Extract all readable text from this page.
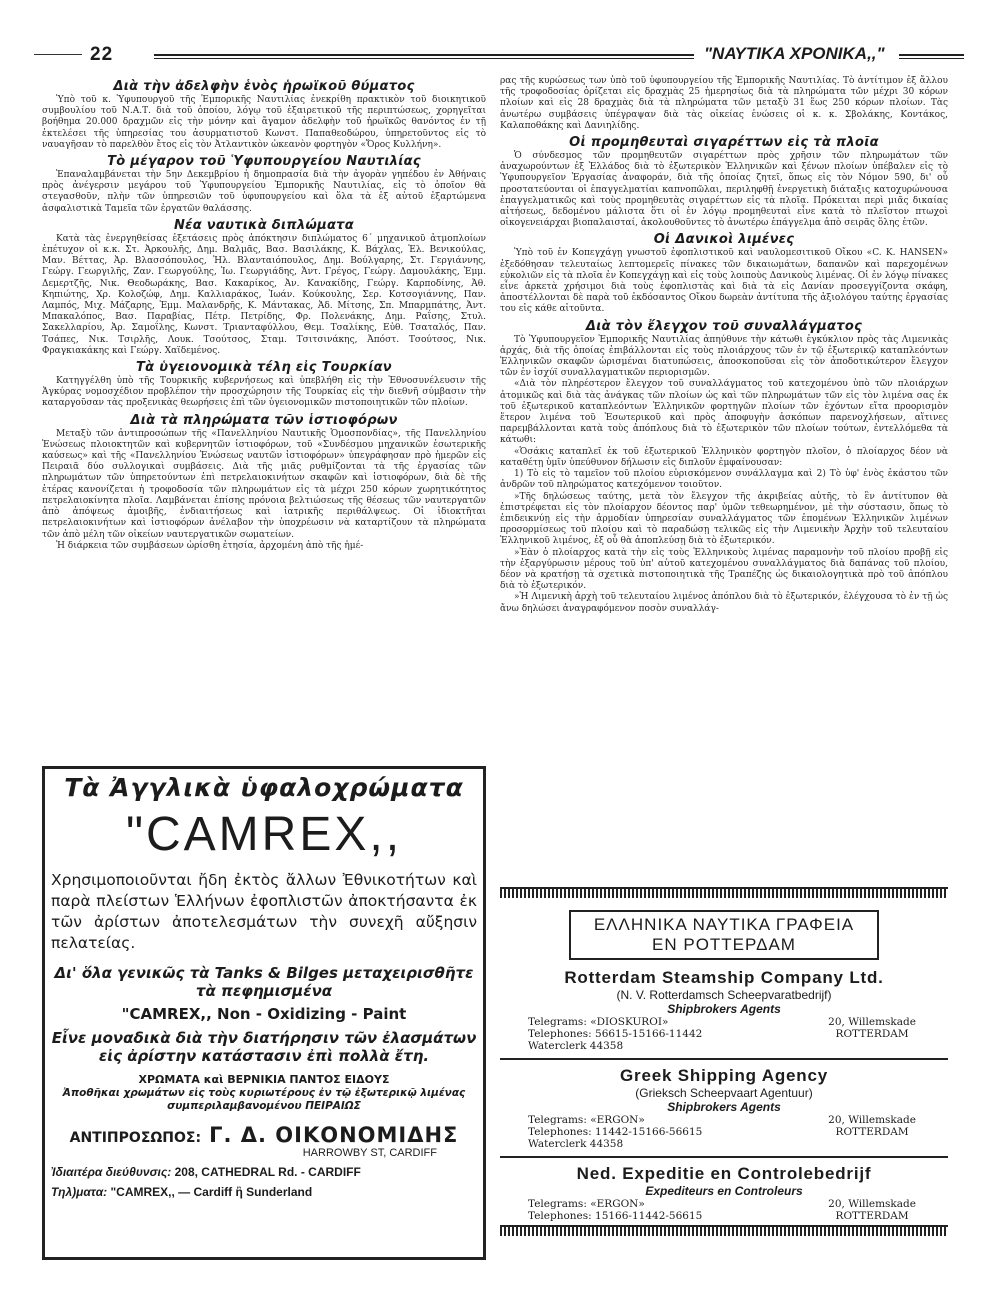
22	"ΝΑΥΤΙΚΑ ΧΡΟΝΙΚΑ,,"
Διὰ τὴν ἀδελφὴν ἑνὸς ἡρωϊκοῦ θύματος

Ὑπὸ τοῦ κ. Ὑφυπουργοῦ τῆς Ἐμπορικῆς Ναυτιλίας ἐνεκρίθη πρακτικὸν τοῦ διοικητικοῦ συμβουλίου τοῦ Ν.Α.Τ. διὰ τοῦ ὁποίου, λόγῳ τοῦ ἐξαιρετικοῦ τῆς περιπτώσεως, χορηγεῖται βοήθημα 20.000 δραχμῶν εἰς τὴν μόνην καὶ ἄγαμον ἀδελφὴν τοῦ ἡρωϊκῶς θανόντος ἐν τῇ ἐκτελέσει τῆς ὑπηρεσίας του ἀσυρματιστοῦ Κωνστ. Παπαθεοδώρου, ὑπηρετοῦντος εἰς τὸ ναυαγῆσαν τὸ παρελθὸν ἔτος εἰς τὸν Ἀτλαντικὸν ὠκεανὸν φορτηγὸν «Ὄρος Κυλλήνη».

Τὸ μέγαρον τοῦ Ὑφυπουργείου Ναυτιλίας

Ἐπαναλαμβάνεται τὴν 5ην Δεκεμβρίου ἡ δημοπρασία διὰ τὴν ἀγορὰν γηπέδου ἐν Ἀθήναις πρὸς ἀνέγερσιν μεγάρου τοῦ Ὑφυπουργείου Ἐμπορικῆς Ναυτιλίας, εἰς τὸ ὁποῖον θὰ στεγασθοῦν, πλὴν τῶν ὑπηρεσιῶν τοῦ ὑφυπουργείου καὶ ὅλα τὰ ἐξ αὐτοῦ ἐξαρτώμενα ἀσφαλιστικὰ Ταμεῖα τῶν ἐργατῶν θαλάσσης.

Νέα ναυτικὰ διπλώματα

Κατὰ τὰς ἐνεργηθείσας ἐξετάσεις πρὸς ἀπόκτησιν διπλώματος 6΄ μηχανικοῦ ἀτμοπλοίων ἐπέτυχον οἱ κ.κ. Στ. Ἀρκουλῆς, Δημ. Βαλμᾶς, Βασ. Βασιλάκης, Κ. Βάχλας, Ἑλ. Βενικούλας, Μαν. Βέττας, Ἀρ. Βλασσόπουλος, Ἡλ. Βλανταιόπουλος, Δημ. Βούλγαρης, Στ. Γεργιάννης, Γεώργ. Γεωργιλῆς, Ζαν. Γεωργούλης, Ἰω. Γεωργιάδης, Ἀντ. Γρέγος, Γεώργ. Δαμουλάκης, Ἐμμ. Δεμερτζῆς, Νικ. Θεοδωράκης, Βασ. Κακαρίκος, Ἀν. Κανακίδης, Γεώργ. Καρποδίνης, Ἀθ. Κηπιώτης, Χρ. Κολοζώφ, Δημ. Καλλιαράκος, Ἰωάν. Κούκουλης, Σερ. Κοτσογιάννης, Παν. Λαμπός, Μιχ. Μάζαρης, Ἐμμ. Μαλανδρῆς, Κ. Μάντακας, Ἀδ. Μίτσης, Σπ. Μπαρμπάτης, Ἀντ. Μπακαλόπος, Βασ. Παραβίας, Πέτρ. Πετρίδης, Φρ. Πολενάκης, Δημ. Ραΐσης, Στυλ. Σακελλαρίου, Ἀρ. Σαμοΐλης, Κωνστ. Τριανταφύλλου, Θεμ. Τσαλίκης, Εὐθ. Τσαταλός, Παν. Τσάπες, Νικ. Τσιρλῆς, Λουκ. Τσούτσος, Σταμ. Τσιτσινάκης, Ἀπόστ. Τσούτσος, Νικ. Φραγκιακάκης καὶ Γεώργ. Χαϊδεμένος.

Τὰ ὑγειονομικὰ τέλη εἰς Τουρκίαν

Κατηγγέλθη ὑπὸ τῆς Τουρκικῆς κυβερνήσεως καὶ ὑπεβλήθη εἰς τὴν Ἐθνοσυνέλευσιν τῆς Ἀγκύρας νομοσχέδιον προβλέπον τὴν προσχώρησιν τῆς Τουρκίας εἰς τὴν διεθνῆ σύμβασιν τὴν καταργοῦσαν τὰς προξενικὰς θεωρήσεις ἐπὶ τῶν ὑγειονομικῶν πιστοποιητικῶν τῶν πλοίων.

Διὰ τὰ πληρώματα τῶν ἱστιοφόρων

Μεταξὺ τῶν ἀντιπροσώπων τῆς «Πανελληνίου Ναυτικῆς Ὁμοσπονδίας», τῆς Πανελληνίου Ἑνώσεως πλοιοκτητῶν καὶ κυβερνητῶν ἱστιοφόρων, τοῦ «Συνδέσμου μηχανικῶν ἐσωτερικῆς καύσεως» καὶ τῆς «Πανελληνίου Ἑνώσεως ναυτῶν ἱστιοφόρων» ὑπεγράφησαν πρὸ ἡμερῶν εἰς Πειραιᾶ δύο συλλογικαὶ συμβάσεις. Διὰ τῆς μιᾶς ρυθμίζονται τὰ τῆς ἐργασίας τῶν πληρωμάτων τῶν ὑπηρετούντων ἐπὶ πετρελαιοκινήτων σκαφῶν καὶ ἱστιοφόρων, διὰ δὲ τῆς ἑτέρας κανονίζεται ἡ τροφοδοσία τῶν πληρωμάτων εἰς τὰ μέχρι 250 κόρων χωρητικότητος πετρελαιοκίνητα πλοῖα. Λαμβάνεται ἐπίσης πρόνοια βελτιώσεως τῆς θέσεως τῶν ναυτεργατῶν ἀπὸ ἀπόψεως ἀμοιβῆς, ἐνδιαιτήσεως καὶ ἰατρικῆς περιθάλψεως. Οἱ ἰδιοκτῆται πετρελαιοκινήτων καὶ ἱστιοφόρων ἀνέλαβον τὴν ὑποχρέωσιν νὰ καταρτίζουν τὰ πληρώματα τῶν ἀπὸ μέλη τῶν οἰκείων ναυτεργατικῶν σωματείων.

Ἡ διάρκεια τῶν συμβάσεων ὡρίσθη ἐτησία, ἀρχομένη ἀπὸ τῆς ἡμέ-

ρας τῆς κυρώσεως των ὑπὸ τοῦ ὑφυπουργείου τῆς Ἐμπορικῆς Ναυτιλίας. Τὸ ἀντίτιμον ἐξ ἄλλου τῆς τροφοδοσίας ὁρίζεται εἰς δραχμὰς 25 ἡμερησίως διὰ τὰ πληρώματα τῶν μέχρι 30 κόρων πλοίων καὶ εἰς 28 δραχμὰς διὰ τὰ πληρώματα τῶν μεταξὺ 31 ἕως 250 κόρων πλοίων. Τὰς ἀνωτέρω συμβάσεις ὑπέγραψαν διὰ τὰς οἰκείας ἑνώσεις οἱ κ. κ. Σβολάκης, Κοντάκος, Καλαποθάκης καὶ Δανιηλίδης.

Οἱ προμηθευταὶ σιγαρέττων εἰς τὰ πλοῖα

Ὁ σύνδεσμος τῶν προμηθευτῶν σιγαρέττων πρὸς χρῆσιν τῶν πληρωμάτων τῶν ἀναχωρούντων ἐξ Ἑλλάδος διὰ τὸ ἐξωτερικὸν Ἑλληνικῶν καὶ ξένων πλοίων ὑπέβαλεν εἰς τὸ Ὑφυπουργεῖον Ἐργασίας ἀναφοράν, διὰ τῆς ὁποίας ζητεῖ, ὅπως εἰς τὸν Νόμον 590, δι' οὗ προστατεύονται οἱ ἐπαγγελματίαι καπνοπῶλαι, περιληφθῇ ἐνεργετικὴ διάταξις κατοχυρώνουσα ἐπαγγελματικῶς καὶ τοὺς προμηθευτὰς σιγαρέττων εἰς τὰ πλοῖα. Πρόκειται περὶ μιᾶς δικαίας αἰτήσεως, δεδομένου μάλιστα ὅτι οἱ ἐν λόγῳ προμηθευταὶ εἶνε κατὰ τὸ πλεῖστον πτωχοὶ οἰκογενειάρχαι βιοπαλαισταί, ἀκολουθοῦντες τὸ ἀνωτέρω ἐπάγγελμα ἀπὸ σειρᾶς ὅλης ἐτῶν.

Οἱ Δανικοὶ λιμένες

Ὑπὸ τοῦ ἐν Κοπεγχάγῃ γνωστοῦ ἐφοπλιστικοῦ καὶ ναυλομεσιτικοῦ Οἴκου «C. K. HANSEN» ἐξεδόθησαν τελευταίως λεπτομερεῖς πίνακες τῶν δικαιωμάτων, δαπανῶν καὶ παρεχομένων εὐκολιῶν εἰς τὰ πλοῖα ἐν Κοπεγχάγῃ καὶ εἰς τοὺς λοιποὺς Δανικοὺς λιμένας. Οἱ ἐν λόγῳ πίνακες εἶνε ἀρκετὰ χρήσιμοι διὰ τοὺς ἐφοπλιστὰς καὶ διὰ τὰ εἰς Δανίαν προσεγγίζοντα σκάφη, ἀποστέλλονται δὲ παρὰ τοῦ ἐκδόσαντος Οἴκου δωρεὰν ἀντίτυπα τῆς ἀξιολόγου ταύτης ἐργασίας του εἰς κάθε αἰτοῦντα.

Διὰ τὸν ἔλεγχον τοῦ συναλλάγματος

Τὸ Ὑφυπουργεῖον Ἐμπορικῆς Ναυτιλίας ἀπηύθυνε τὴν κάτωθι ἐγκύκλιον πρὸς τὰς Λιμενικὰς ἀρχάς, διὰ τῆς ὁποίας ἐπιβάλλονται εἰς τοὺς πλοιάρχους τῶν ἐν τῷ ἐξωτερικῷ καταπλεόντων Ἑλληνικῶν σκαφῶν ὡρισμέναι διατυπώσεις, ἀποσκοποῦσαι εἰς τὸν ἀποδοτικώτερον ἔλεγχον τῶν ἐν ἰσχύϊ συναλλαγματικῶν περιορισμῶν.

«Διὰ τὸν πληρέστερον ἔλεγχον τοῦ συναλλάγματος τοῦ κατεχομένου ὑπὸ τῶν πλοιάρχων ἀτομικῶς καὶ διὰ τὰς ἀνάγκας τῶν πλοίων ὡς καὶ τῶν πληρωμάτων τῶν εἰς τὸν λιμένα σας ἐκ τοῦ ἐξωτερικοῦ καταπλεόντων Ἑλληνικῶν φορτηγῶν πλοίων τῶν ἐχόντων εἴτα προορισμὸν ἕτερον λιμένα τοῦ Ἐσωτερικοῦ καὶ πρὸς ἀποφυγὴν ἀσκόπων παρενοχλήσεων, αἵτινες παρεμβάλλονται κατὰ τοὺς ἀπόπλους διὰ τὸ ἐξωτερικὸν τῶν πλοίων τούτων, ἐντελλόμεθα τὰ κάτωθι:

«Ὁσάκις καταπλεῖ ἐκ τοῦ ἐξωτερικοῦ Ἑλληνικὸν φορτηγὸν πλοῖον, ὁ πλοίαρχος δέον νὰ καταθέτῃ ὑμῖν ὑπεύθυνον δήλωσιν εἰς διπλοῦν ἐμφαίνουσαν:

1) Τὸ εἰς τὸ ταμεῖον τοῦ πλοίου εὑρισκόμενον συνάλλαγμα καὶ 2) Τὸ ὑφ' ἑνὸς ἑκάστου τῶν ἀνδρῶν τοῦ πληρώματος κατεχόμενον τοιοῦτον.

»Τῆς δηλώσεως ταύτης, μετὰ τὸν ἔλεγχον τῆς ἀκριβείας αὐτῆς, τὸ ἓν ἀντίτυπον θὰ ἐπιστρέφεται εἰς τὸν πλοίαρχον δέοντος παρ' ὑμῶν τεθεωρημένον, μὲ τὴν σύστασιν, ὅπως τὸ ἐπιδεικνύῃ εἰς τὴν ἁρμοδίαν ὑπηρεσίαν συναλλάγματος τῶν ἑπομένων Ἑλληνικῶν λιμένων προσορμίσεως τοῦ πλοίου καὶ τὸ παραδώσῃ τελικῶς εἰς τὴν Λιμενικὴν Ἀρχὴν τοῦ τελευταίου Ἑλληνικοῦ λιμένος, ἐξ οὗ θὰ ἀποπλεύσῃ διὰ τὸ ἐξωτερικόν.

»Ἐὰν ὁ πλοίαρχος κατὰ τὴν εἰς τοὺς Ἑλληνικοὺς λιμένας παραμονὴν τοῦ πλοίου προβῇ εἰς τὴν ἐξαργύρωσιν μέρους τοῦ ὑπ' αὐτοῦ κατεχομένου συναλλάγματος διὰ δαπάνας τοῦ πλοίου, δέον νὰ κρατήσῃ τὰ σχετικὰ πιστοποιητικὰ τῆς Τραπέζης ὡς δικαιολογητικὰ πρὸ τοῦ ἀπόπλου διὰ τὸ ἐξωτερικόν.

»Ἡ Λιμενικὴ ἀρχὴ τοῦ τελευταίου λιμένος ἀπόπλου διὰ τὸ ἐξωτερικόν, ἐλέγχουσα τὸ ἐν τῇ ὡς ἄνω δηλώσει ἀναγραφόμενον ποσὸν συναλλάγ-

Τὰ Ἀγγλικὰ ὑφαλοχρώματα
"CAMREX,,
Χρησιμοποιοῦνται ἤδη ἐκτὸς ἄλλων Ἐθνικοτήτων καὶ παρὰ πλείστων Ἑλλήνων ἐφοπλιστῶν ἀποκτήσαντα ἐκ τῶν ἀρίστων ἀποτελεσμάτων τὴν συνεχῆ αὔξησιν πελατείας.
Δι' ὅλα γενικῶς τὰ Tanks & Bilges μεταχειρισθῆτε τὰ πεφημισμένα
"CAMREX,, Non - Oxidizing - Paint
Εἶνε μοναδικὰ διὰ τὴν διατήρησιν τῶν ἐλασμάτων εἰς ἀρίστην κατάστασιν ἐπὶ πολλὰ ἔτη.
ΧΡΩΜΑΤΑ καὶ ΒΕΡΝΙΚΙΑ ΠΑΝΤΟΣ ΕΙΔΟΥΣ
Ἀποθῆκαι χρωμάτων εἰς τοὺς κυριωτέρους ἐν τῷ ἐξωτερικῷ λιμένας συμπεριλαμβανομένου ΠΕΙΡΑΙΩΣ
ΑΝΤΙΠΡΟΣΩΠΟΣ: Γ. Δ. ΟΙΚΟΝΟΜΙΔΗΣ
HARROWBY ST, CARDIFF
Ἰδιαιτέρα διεύθυνσις: 208, CATHEDRAL Rd. - CARDIFF
Τηλ)ματα: "CAMREX,, — Cardiff ἢ Sunderland
ΕΛΛΗΝΙΚΑ ΝΑΥΤΙΚΑ ΓΡΑΦΕΙΑ
ΕΝ ΡΟΤΤΕΡΔΑΜ
Rotterdam Steamship Company Ltd.
(N. V. Rotterdamsch Scheepvaratbedrijf)
Shipbrokers Agents
Telegrams: «DIOSKUROI»
Telephones: 56615-15166-11442
Waterclerk 44358
20, Willemskade
ROTTERDAM
Greek Shipping Agency
(Grieksch Scheepvaart Agentuur)
Shipbrokers Agents
Telegrams: «ERGON»
Telephones: 11442-15166-56615
Waterclerk 44358
20, Willemskade
ROTTERDAM
Ned. Expeditie en Controlebedrijf
Expediteurs en Controleurs
Telegrams: «ERGON»
Telephones: 15166-11442-56615
20, Willemskade
ROTTERDAM
